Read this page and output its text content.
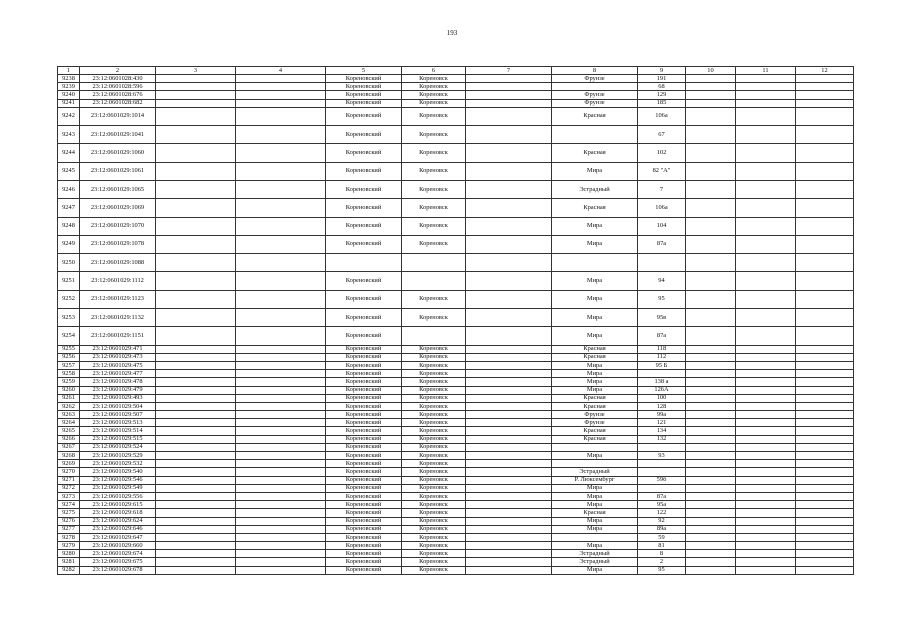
193
1	2	3	4	5	6	7	8	9	10	11	12
9238	23:12:0601028:430			Кореновский	Кореновск		Фрунзе	191			
9239	23:12:0601028:596			Кореновский	Кореновск			68			
9240	23:12:0601028:676			Кореновский	Кореновск		Фрунзе	129			
9241	23:12:0601028:682			Кореновский	Кореновск		Фрунзе	185			
9242	23:12:0601029:1014			Кореновский	Кореновск		Красная	106а			
9243	23:12:0601029:1041			Кореновский	Кореновск			67			
9244	23:12:0601029:1060			Кореновский	Кореновск		Красная	102			
9245	23:12:0601029:1061			Кореновский	Кореновск		Мира	82 "А"			
9246	23:12:0601029:1065			Кореновский	Кореновск		Эстрадный	7			
9247	23:12:0601029:1069			Кореновский	Кореновск		Красная	106а			
9248	23:12:0601029:1070			Кореновский	Кореновск		Мира	104			
9249	23:12:0601029:1078			Кореновский	Кореновск		Мира	87а			
9250	23:12:0601029:1088										
9251	23:12:0601029:1112			Кореновский			Мира	94			
9252	23:12:0601029:1123			Кореновский	Кореновск		Мира	95			
9253	23:12:0601029:1132			Кореновский	Кореновск		Мира	95в			
9254	23:12:0601029:1151			Кореновский			Мира	87а			
9255	23:12:0601029:471			Кореновский	Кореновск		Красная	118			
9256	23:12:0601029:473			Кореновский	Кореновск		Красная	112			
9257	23:12:0601029:475			Кореновский	Кореновск		Мира	95 Б			
9258	23:12:0601029:477			Кореновский	Кореновск		Мира				
9259	23:12:0601029:478			Кореновский	Кореновск		Мира	138 а			
9260	23:12:0601029:479			Кореновский	Кореновск		Мира	126А			
9261	23:12:0601029:493			Кореновский	Кореновск		Красная	100			
9262	23:12:0601029:504			Кореновский	Кореновск		Красная	128			
9263	23:12:0601029:507			Кореновский	Кореновск		Фрунзе	99а			
9264	23:12:0601029:513			Кореновский	Кореновск		Фрунзе	121			
9265	23:12:0601029:514			Кореновский	Кореновск		Красная	134			
9266	23:12:0601029:515			Кореновский	Кореновск		Красная	132			
9267	23:12:0601029:524			Кореновский	Кореновск						
9268	23:12:0601029:529			Кореновский	Кореновск		Мира	93			
9269	23:12:0601029:532			Кореновский	Кореновск						
9270	23:12:0601029:540			Кореновский	Кореновск		Эстрадный				
9271	23:12:0601029:546			Кореновский	Кореновск		Р. Люксембург	59б			
9272	23:12:0601029:549			Кореновский	Кореновск		Мира				
9273	23:12:0601029:556			Кореновский	Кореновск		Мира	87а			
9274	23:12:0601029:615			Кореновский	Кореновск		Мира	95а			
9275	23:12:0601029:618			Кореновский	Кореновск		Красная	122			
9276	23:12:0601029:624			Кореновский	Кореновск		Мира	92			
9277	23:12:0601029:646			Кореновский	Кореновск		Мира	89а			
9278	23:12:0601029:647			Кореновский	Кореновск			59			
9279	23:12:0601029:660			Кореновский	Кореновск		Мира	81			
9280	23:12:0601029:674			Кореновский	Кореновск		Эстрадный	8			
9281	23:12:0601029:675			Кореновский	Кореновск		Эстрадный	2			
9282	23:12:0601029:678			Кореновский	Кореновск		Мира	95			
